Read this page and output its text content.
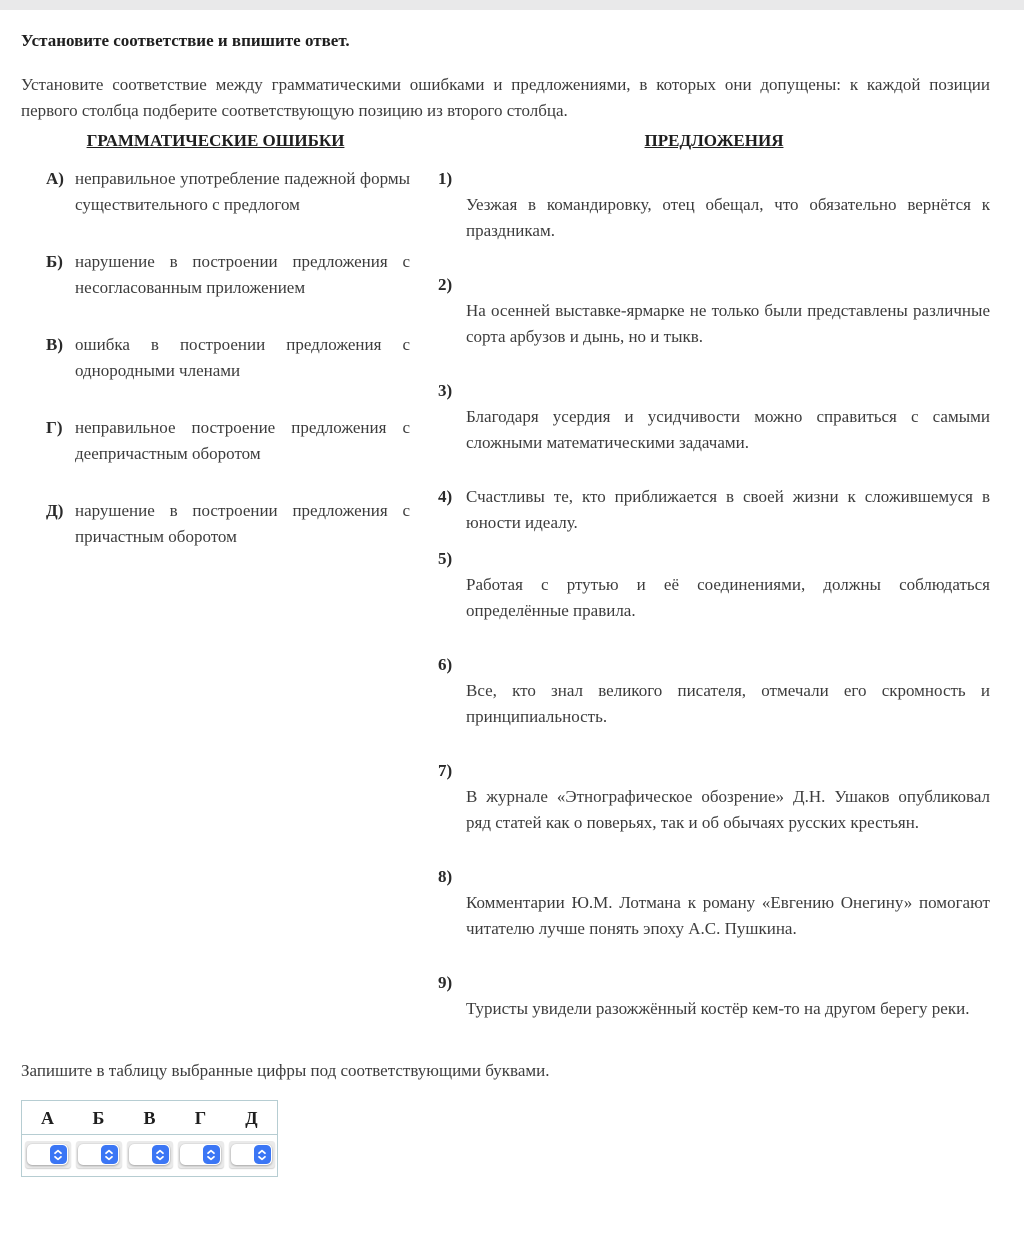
Установите соответствие и впишите ответ.

Установите соответствие между грамматическими ошибками и предложениями, в которых они допущены: к каждой позиции первого столбца подберите соответствующую позицию из второго столбца.

ГРАММАТИЧЕСКИЕ ОШИБКИ
А) неправильное употребление падежной формы существительного с предлогом
Б) нарушение в построении предложения с несогласованным приложением
В) ошибка в построении предложения с однородными членами
Г) неправильное построение предложения с деепричастным оборотом
Д) нарушение в построении предложения с причастным оборотом
ПРЕДЛОЖЕНИЯ
1)

Уезжая в командировку, отец обещал, что обязательно вернётся к праздникам.

2)

На осенней выставке-ярмарке не только были представлены различные сорта арбузов и дынь, но и тыкв.

3)

Благодаря усердия и усидчивости можно справиться с самыми сложными математическими задачами.

4) Счастливы те, кто приближается в своей жизни к сложившемуся в юности идеалу.

5)

Работая с ртутью и её соединениями, должны соблюдаться определённые правила.

6)

Все, кто знал великого писателя, отмечали его скромность и принципиальность.

7)

В журнале «Этнографическое обозрение» Д.Н. Ушаков опубликовал ряд статей как о поверьях, так и об обычаях русских крестьян.

8)

Комментарии Ю.М. Лотмана к роману «Евгению Онегину» помогают читателю лучше понять эпоху А.С. Пушкина.

9)

Туристы увидели разожжённый костёр кем-то на другом берегу реки.

Запишите в таблицу выбранные цифры под соответствующими буквами.

А	Б	В	Г	Д
